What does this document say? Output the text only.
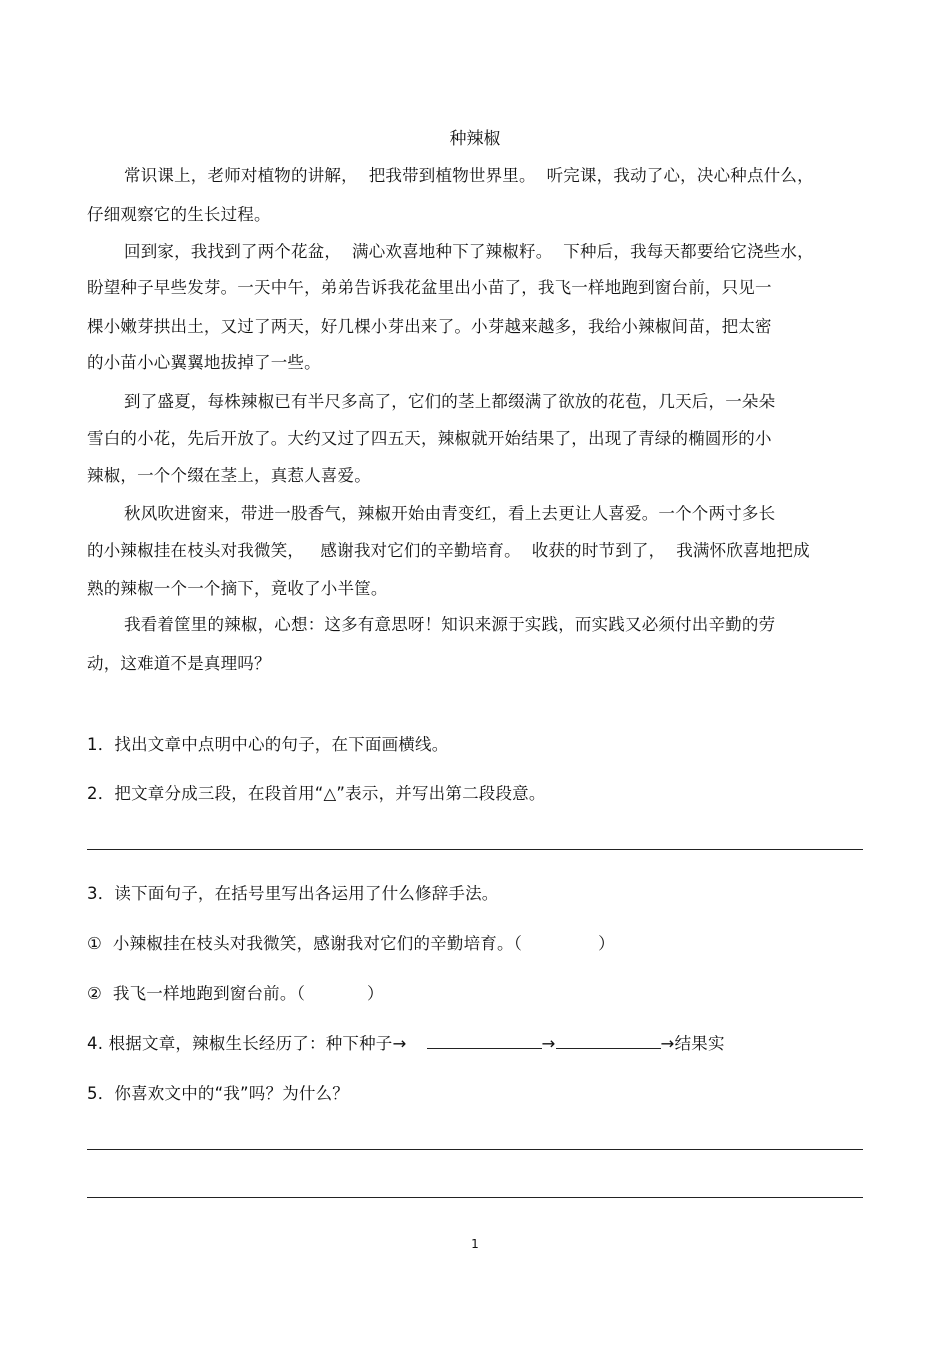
种辣椒
常识课上，老师对植物的讲解，  把我带到植物世界里。  听完课，我动了心，决心种点什么，
仔细观察它的生长过程。
回到家，我找到了两个花盆，  满心欢喜地种下了辣椒籽。  下种后，我每天都要给它浇些水，
盼望种子早些发芽。一天中午，弟弟告诉我花盆里出小苗了，我飞一样地跑到窗台前，只见一
棵小嫩芽拱出土，又过了两天，好几棵小芽出来了。小芽越来越多，我给小辣椒间苗，把太密
的小苗小心翼翼地拔掉了一些。
到了盛夏，每株辣椒已有半尺多高了，它们的茎上都缀满了欲放的花苞，几天后，一朵朵
雪白的小花，先后开放了。大约又过了四五天，辣椒就开始结果了，出现了青绿的椭圆形的小
辣椒，一个个缀在茎上，真惹人喜爱。
秋风吹进窗来，带进一股香气，辣椒开始由青变红，看上去更让人喜爱。一个个两寸多长
的小辣椒挂在枝头对我微笑，   感谢我对它们的辛勤培育。  收获的时节到了，  我满怀欣喜地把成
熟的辣椒一个一个摘下，竟收了小半筐。
我看着筐里的辣椒，心想：这多有意思呀！知识来源于实践，而实践又必须付出辛勤的劳
动，这难道不是真理吗？
1．找出文章中点明中心的句子，在下面画横线。
2．把文章分成三段，在段首用“△”表示，并写出第二段段意。
3．读下面句子，在括号里写出各运用了什么修辞手法。
①  小辣椒挂在枝头对我微笑，感谢我对它们的辛勤培育。（	）
②  我飞一样地跑到窗台前。（	）
4. 根据文章，辣椒生长经历了：种下种子→	→	→结果实
5．你喜欢文中的“我”吗？为什么？
1
